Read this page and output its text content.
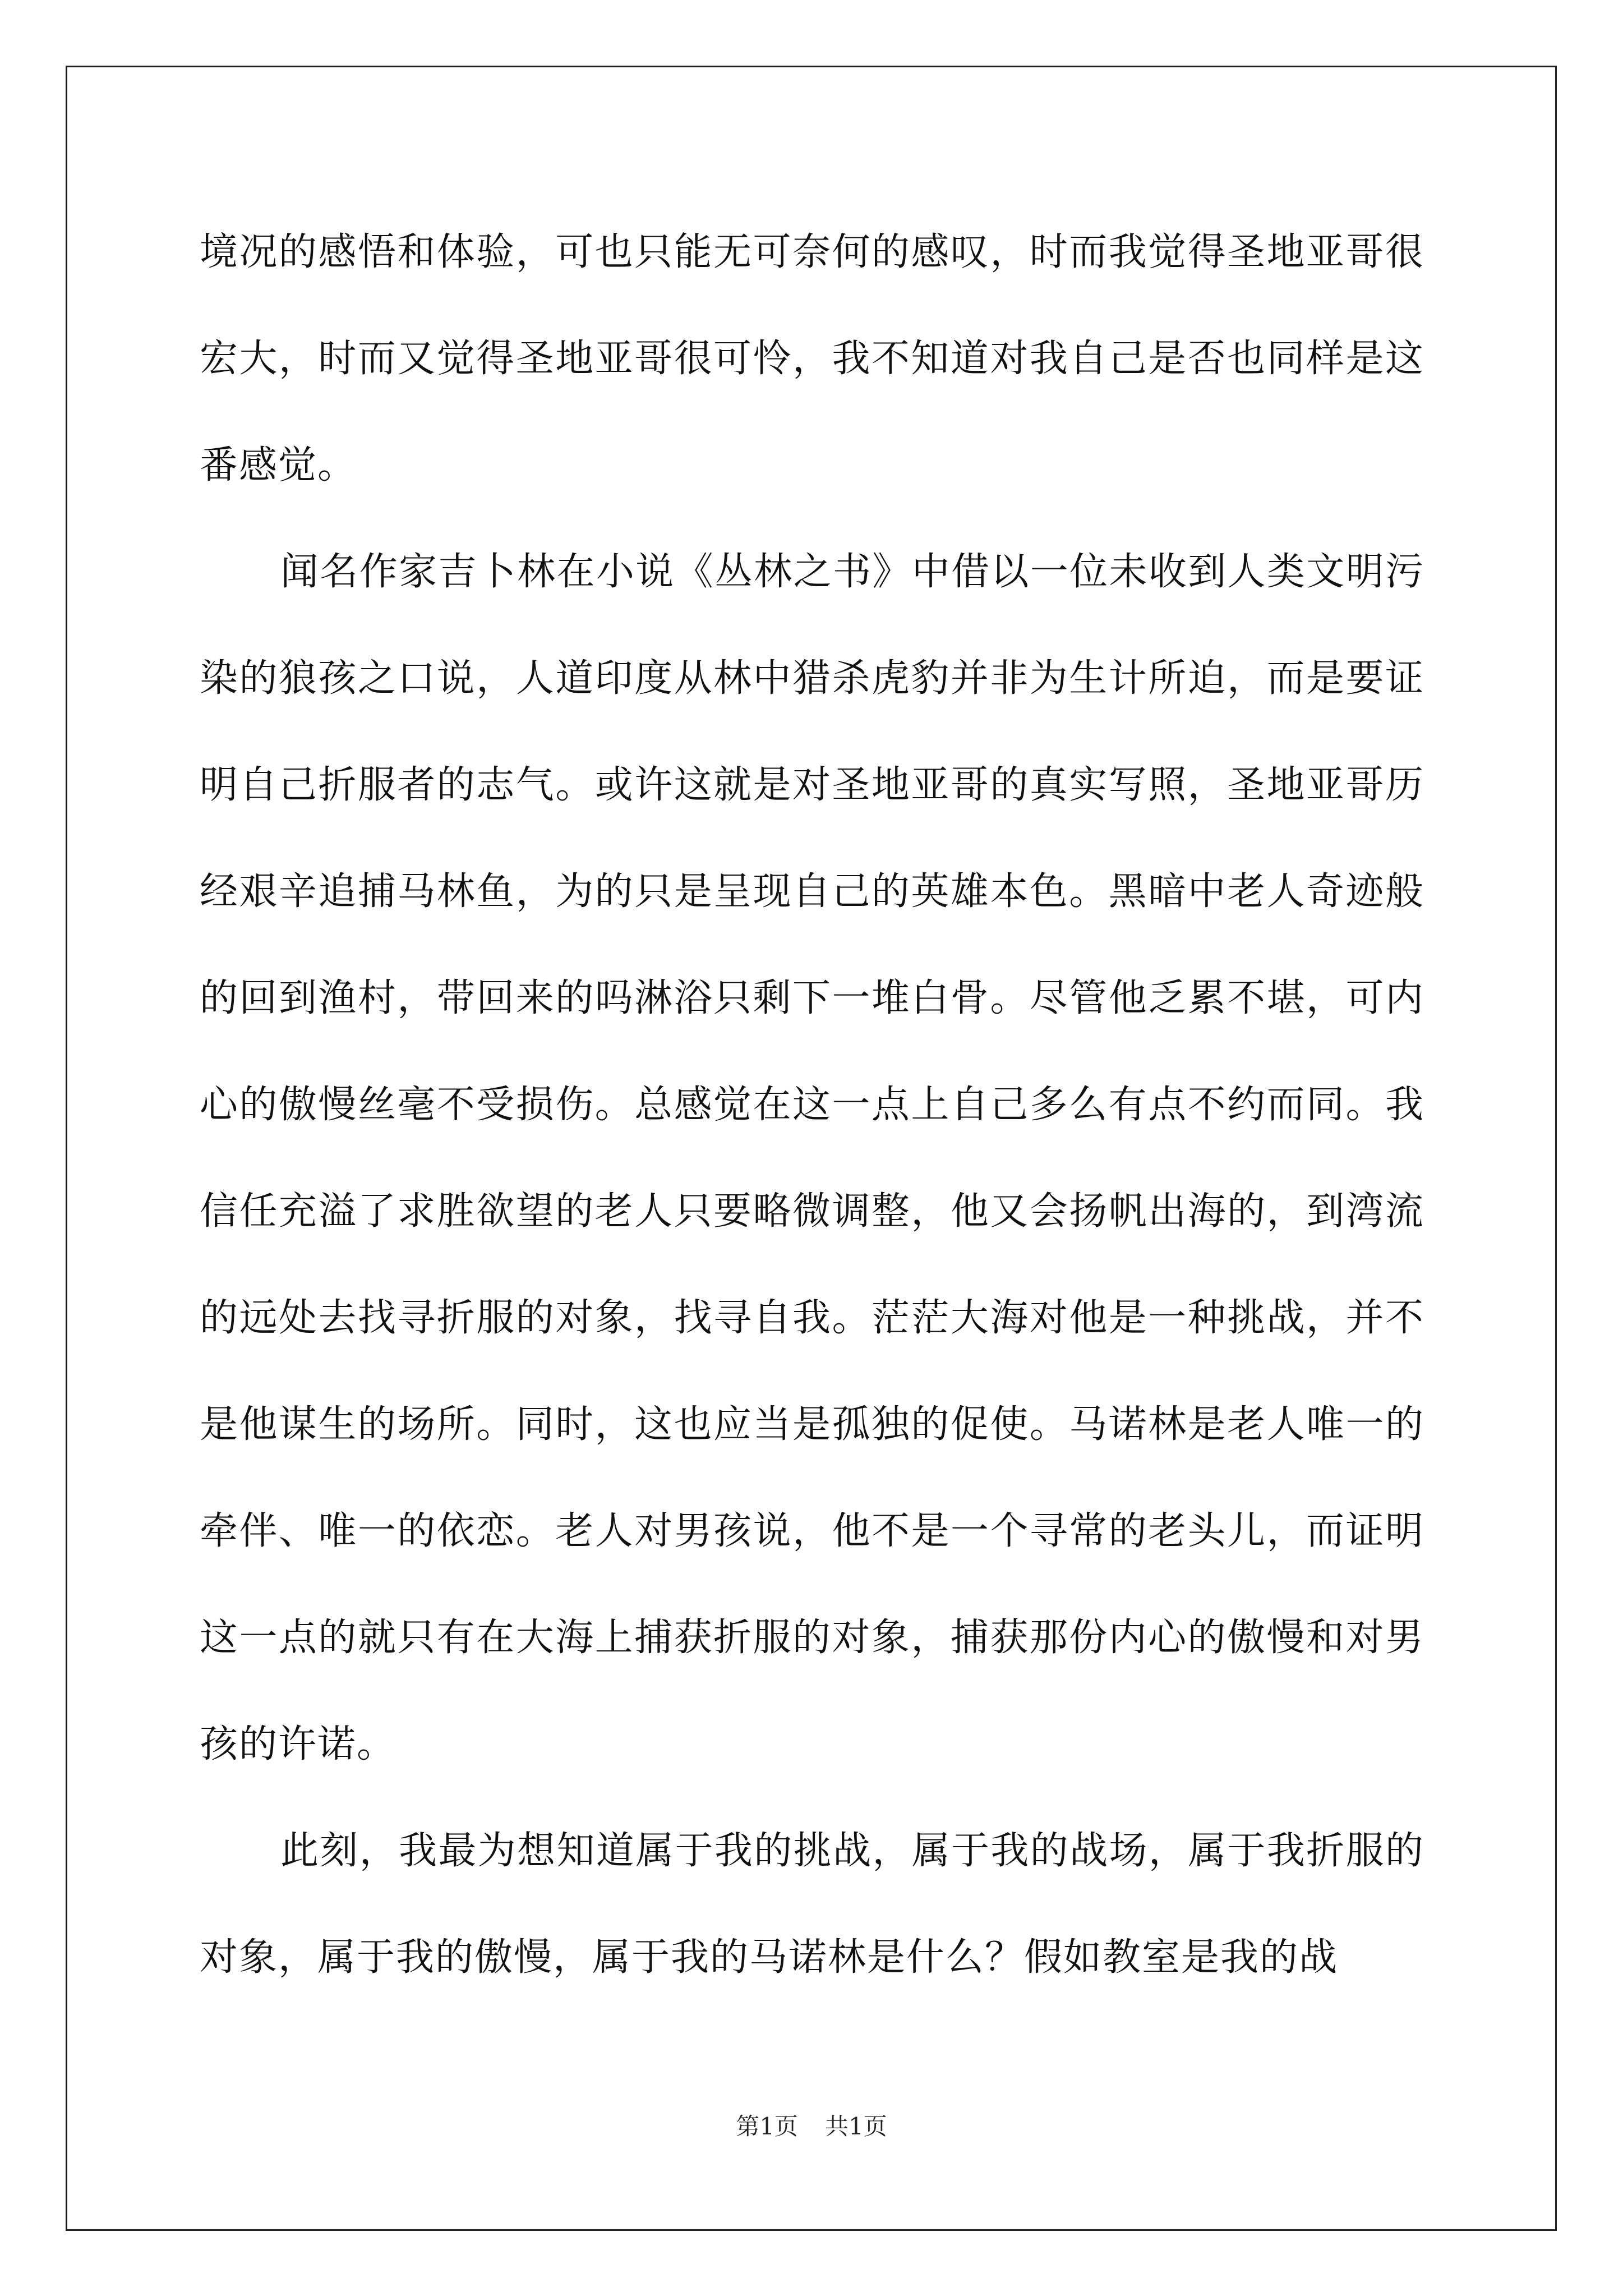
境况的感悟和体验，可也只能无可奈何的感叹，时而我觉得圣地亚哥很宏大，时而又觉得圣地亚哥很可怜，我不知道对我自己是否也同样是这番感觉。

闻名作家吉卜林在小说《丛林之书》中借以一位未收到人类文明污染的狼孩之口说，人道印度从林中猎杀虎豹并非为生计所迫，而是要证明自己折服者的志气。或许这就是对圣地亚哥的真实写照，圣地亚哥历经艰辛追捕马林鱼，为的只是呈现自己的英雄本色。黑暗中老人奇迹般的回到渔村，带回来的吗淋浴只剩下一堆白骨。尽管他乏累不堪，可内心的傲慢丝毫不受损伤。总感觉在这一点上自己多么有点不约而同。我信任充溢了求胜欲望的老人只要略微调整，他又会扬帆出海的，到湾流的远处去找寻折服的对象，找寻自我。茫茫大海对他是一种挑战，并不是他谋生的场所。同时，这也应当是孤独的促使。马诺林是老人唯一的牵伴、唯一的依恋。老人对男孩说，他不是一个寻常的老头儿，而证明这一点的就只有在大海上捕获折服的对象，捕获那份内心的傲慢和对男孩的许诺。

此刻，我最为想知道属于我的挑战，属于我的战场，属于我折服的对象，属于我的傲慢，属于我的马诺林是什么？假如教室是我的战

第1页 共1页
